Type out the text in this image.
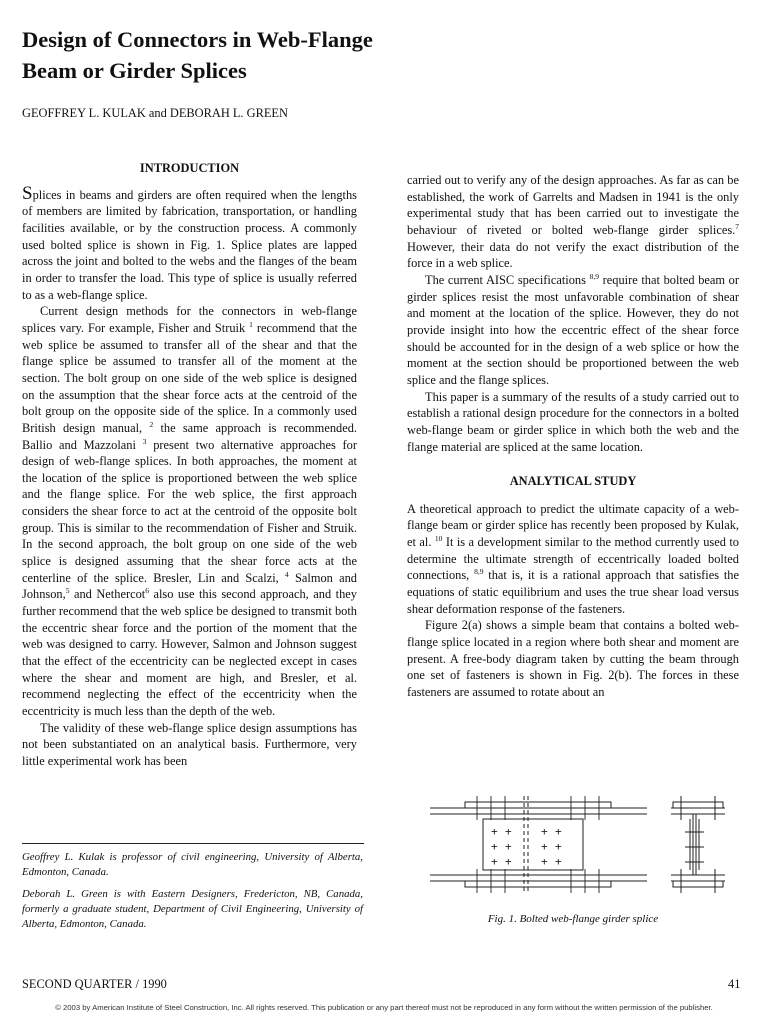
Design of Connectors in Web-Flange
Beam or Girder Splices
GEOFFREY L. KULAK and DEBORAH L. GREEN

INTRODUCTION

Splices in beams and girders are often required when the lengths of members are limited by fabrication, transportation, or handling facilities available, or by the construction process. A commonly used bolted splice is shown in Fig. 1. Splice plates are lapped across the joint and bolted to the webs and the flanges of the beam in order to transfer the load. This type of splice is usually referred to as a web-flange splice.

Current design methods for the connectors in web-flange splices vary. For example, Fisher and Struik $^1$ recommend that the web splice be assumed to transfer all of the shear and that the flange splice be assumed to transfer all of the moment at the section. The bolt group on one side of the web splice is designed on the assumption that the shear force acts at the centroid of the bolt group on the opposite side of the splice. In a commonly used British design manual, $^2$ the same approach is recommended. Ballio and Mazzolani $^3$ present two alternative approaches for design of web-flange splices. In both approaches, the moment at the location of the splice is proportioned between the web splice and the flange splice. For the web splice, the first approach considers the shear force to act at the centroid of the opposite bolt group. This is similar to the recommendation of Fisher and Struik. In the second approach, the bolt group on one side of the web splice is designed assuming that the shear force acts at the centerline of the splice. Bresler, Lin and Scalzi, $^4$ Salmon and Johnson,$^5$ and Nethercot$^6$ also use this second approach, and they further recommend that the web splice be designed to transmit both the eccentric shear force and the portion of the moment that the web was designed to carry. However, Salmon and Johnson suggest that the effect of the eccentricity can be neglected except in cases where the shear and moment are high, and Bresler, et al. recommend neglecting the effect of the eccentricity when the eccentricity is much less than the depth of the web.

The validity of these web-flange splice design assumptions has not been substantiated on an analytical basis. Furthermore, very little experimental work has been

carried out to verify any of the design approaches. As far as can be established, the work of Garrelts and Madsen in 1941 is the only experimental study that has been carried out to investigate the behaviour of riveted or bolted web-flange girder splices.$^7$ However, their data do not verify the exact distribution of the force in a web splice.

The current AISC specifications $^{8,9}$ require that bolted beam or girder splices resist the most unfavorable combination of shear and moment at the location of the splice. However, they do not provide insight into how the eccentric effect of the shear force should be accounted for in the design of a web splice or how the moment at the section should be proportioned between the web splice and the flange splices.

This paper is a summary of the results of a study carried out to establish a rational design procedure for the connectors in a bolted web-flange beam or girder splice in which both the web and the flange material are spliced at the same location.

ANALYTICAL STUDY

A theoretical approach to predict the ultimate capacity of a web-flange beam or girder splice has recently been proposed by Kulak, et al. $^{10}$ It is a development similar to the method currently used to determine the ultimate strength of eccentrically loaded bolted connections, $^{8,9}$ that is, it is a rational approach that satisfies the equations of static equilibrium and uses the true shear load versus shear deformation response of the fasteners.

Figure 2(a) shows a simple beam that contains a bolted web-flange splice located in a region where both shear and moment are present. A free-body diagram taken by cutting the beam through one set of fasteners is shown in Fig. 2(b). The forces in these fasteners are assumed to rotate about an

Geoffrey L. Kulak is professor of civil engineering, University of Alberta, Edmonton, Canada.

Deborah L. Green is with Eastern Designers, Fredericton, NB, Canada, formerly a graduate student, Department of Civil Engineering, University of Alberta, Edmonton, Canada.

+ +	+ +
+ +	+ +
+ +	+ +
Fig. 1. Bolted web-flange girder splice
SECOND QUARTER / 1990	41
© 2003 by American Institute of Steel Construction, Inc. All rights reserved. This publication or any part thereof must not be reproduced in any form without the written permission of the publisher.
